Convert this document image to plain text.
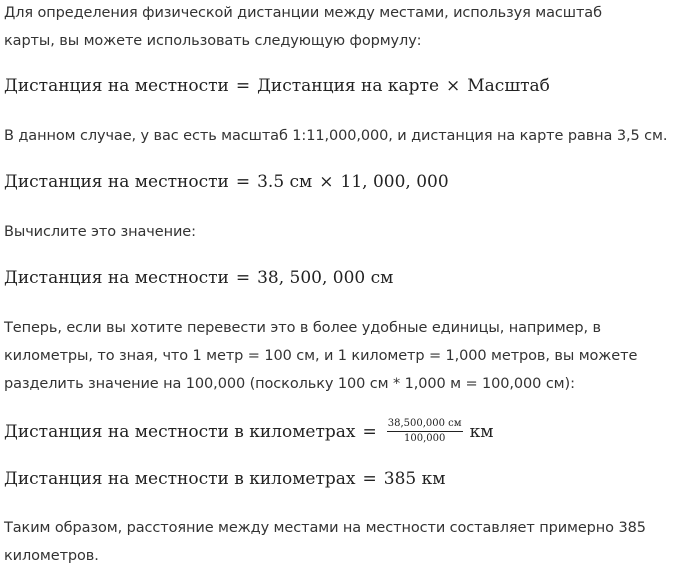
Для определения физической дистанции между местами, используя масштаб
карты, вы можете использовать следующую формулу:

Дистанция на местности = Дистанция на карте × Масштаб

В данном случае, у вас есть масштаб 1:11,000,000, и дистанция на карте равна 3,5 см.

Дистанция на местности = 3.5 см × 11, 000, 000

Вычислите это значение:

Дистанция на местности = 38, 500, 000 см

Теперь, если вы хотите перевести это в более удобные единицы, например, в
километры, то зная, что 1 метр = 100 см, и 1 километр = 1,000 метров, вы можете
разделить значение на 100,000 (поскольку 100 см * 1,000 м = 100,000 см):

Дистанция на местности в километрах = $\frac{38,500,000 см}{100,000}$ км
Дистанция на местности в километрах = 385 км

Таким образом, расстояние между местами на местности составляет примерно 385
километров.
